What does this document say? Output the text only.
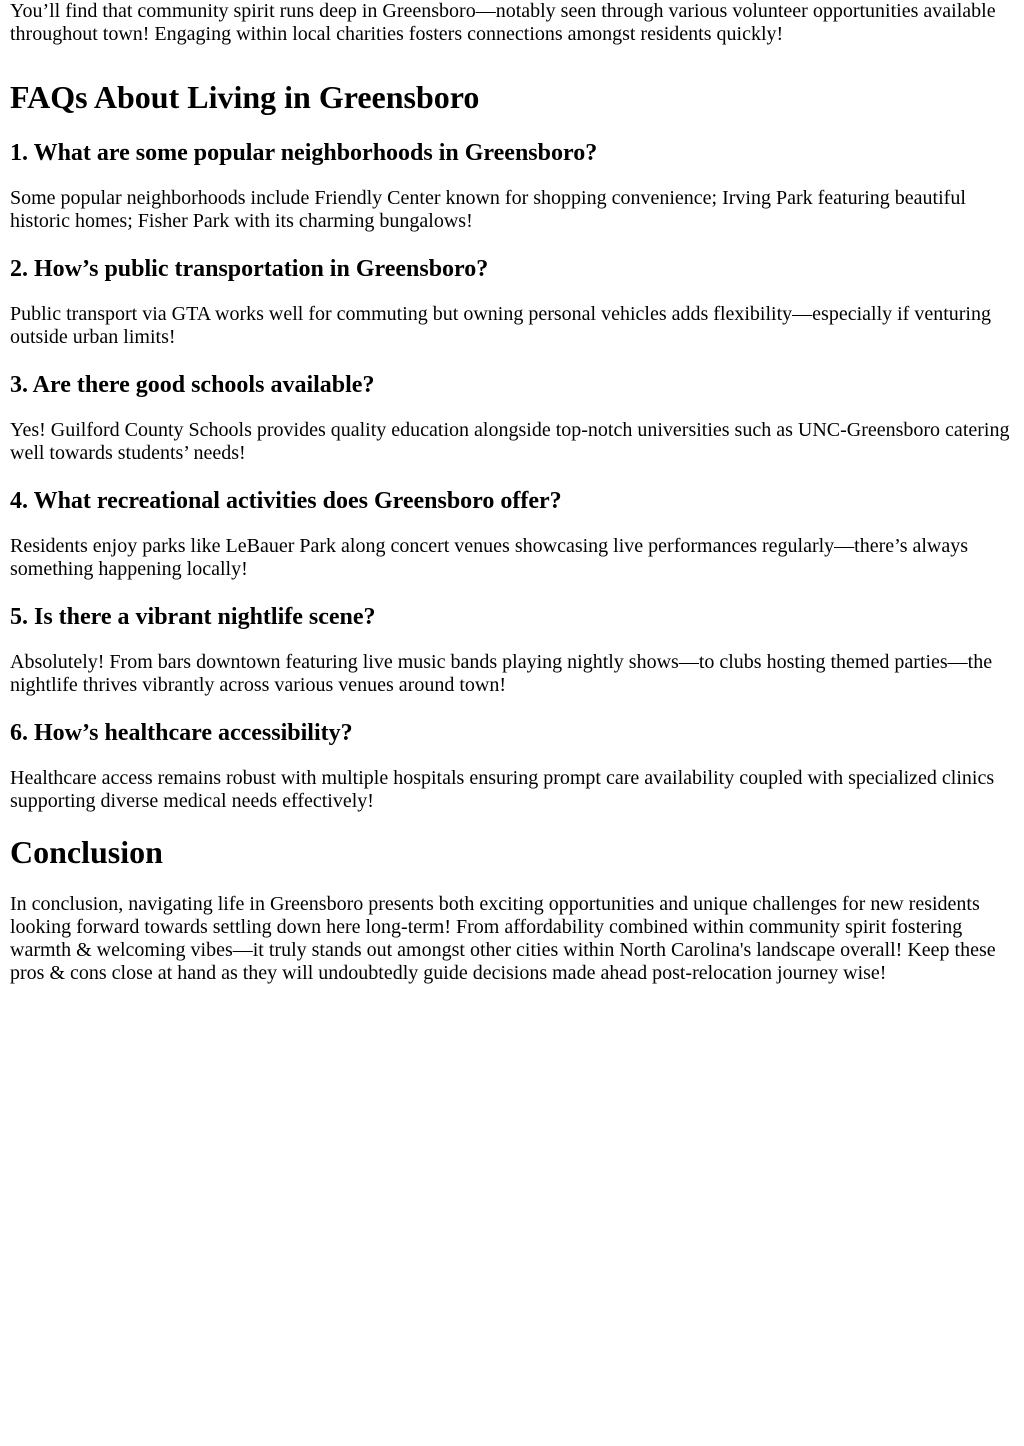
You’ll find that community spirit runs deep in Greensboro—notably seen through various volunteer opportunities available throughout town! Engaging within local charities fosters connections amongst residents quickly!

FAQs About Living in Greensboro
1. What are some popular neighborhoods in Greensboro?

Some popular neighborhoods include Friendly Center known for shopping convenience; Irving Park featuring beautiful historic homes; Fisher Park with its charming bungalows!

2. How’s public transportation in Greensboro?

Public transport via GTA works well for commuting but owning personal vehicles adds flexibility—especially if venturing outside urban limits!

3. Are there good schools available?

Yes! Guilford County Schools provides quality education alongside top-notch universities such as UNC-Greensboro catering well towards students’ needs!

4. What recreational activities does Greensboro offer?

Residents enjoy parks like LeBauer Park along concert venues showcasing live performances regularly—there’s always something happening locally!

5. Is there a vibrant nightlife scene?

Absolutely! From bars downtown featuring live music bands playing nightly shows—to clubs hosting themed parties—the nightlife thrives vibrantly across various venues around town!

6. How’s healthcare accessibility?

Healthcare access remains robust with multiple hospitals ensuring prompt care availability coupled with specialized clinics supporting diverse medical needs effectively!

Conclusion

In conclusion, navigating life in Greensboro presents both exciting opportunities and unique challenges for new residents looking forward towards settling down here long-term! From affordability combined within community spirit fostering warmth & welcoming vibes—it truly stands out amongst other cities within North Carolina's landscape overall! Keep these pros & cons close at hand as they will undoubtedly guide decisions made ahead post-relocation journey wise!
